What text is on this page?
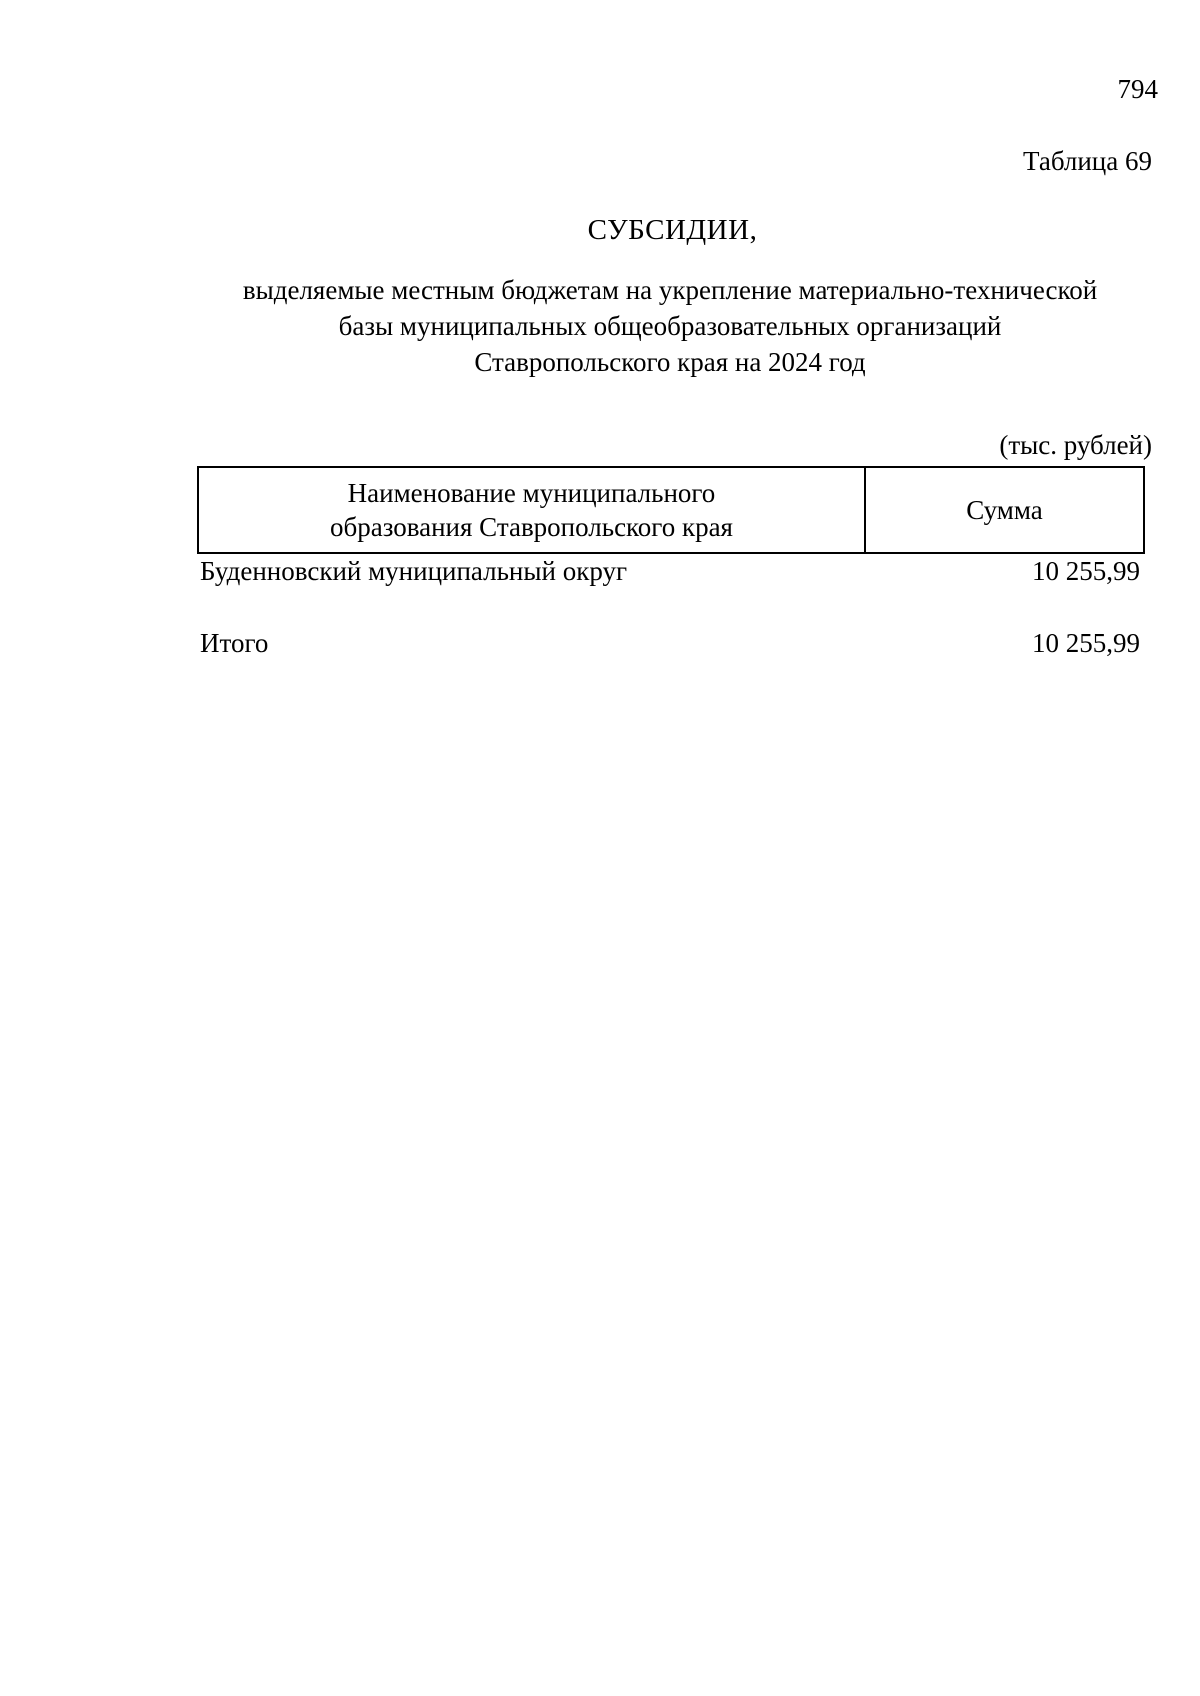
794
Таблица 69
СУБСИДИИ,
выделяемые местным бюджетам на укрепление материально-технической
базы муниципальных общеобразовательных организаций
Ставропольского края на 2024 год
(тыс. рублей)
Наименование муниципального
образования Ставропольского края
Сумма
Буденновский муниципальный округ	10 255,99
Итого	10 255,99
